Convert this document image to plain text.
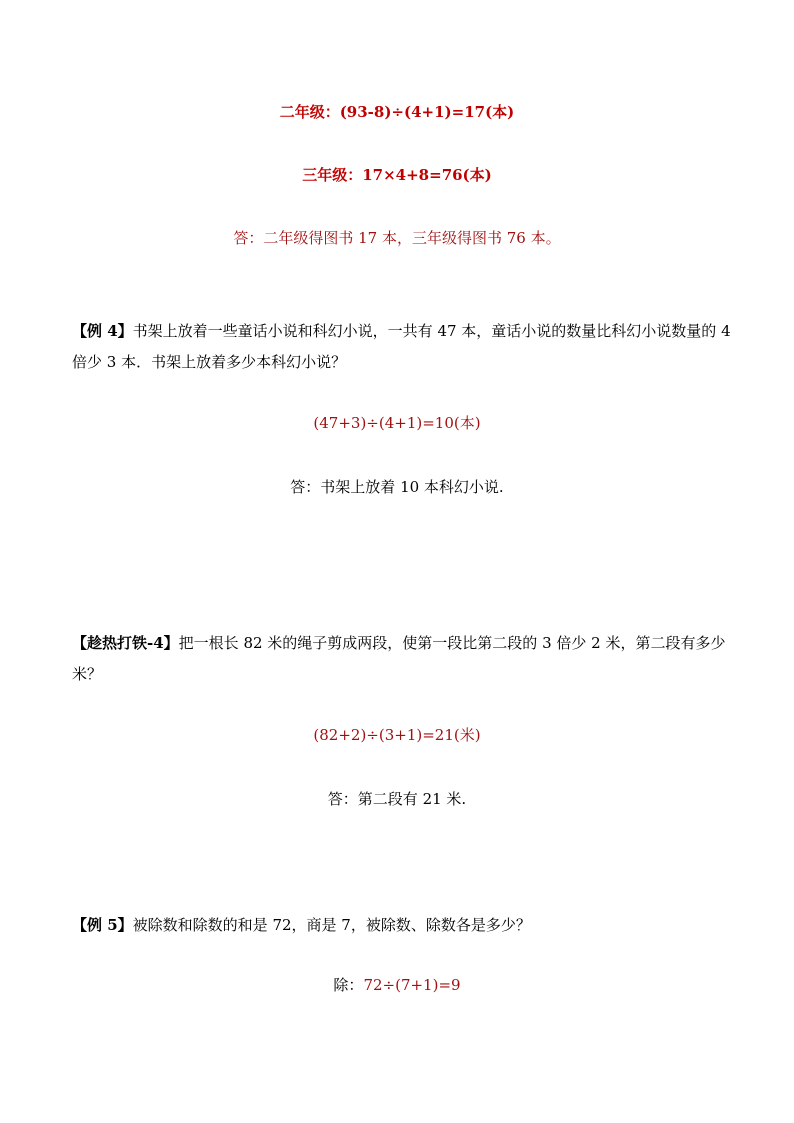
二年级：(93-8)÷(4+1)=17(本)
三年级：17×4+8=76(本)
答：二年级得图书 17 本，三年级得图书 76 本。
【例 4】书架上放着一些童话小说和科幻小说，一共有 47 本，童话小说的数量比科幻小说数量的 4 倍少 3 本．书架上放着多少本科幻小说？
(47+3)÷(4+1)=10(本)
答：书架上放着 10 本科幻小说.
【趁热打铁-4】把一根长 82 米的绳子剪成两段，使第一段比第二段的 3 倍少 2 米，第二段有多少米？
(82+2)÷(3+1)=21(米)
答：第二段有 21 米.
【例 5】被除数和除数的和是 72，商是 7，被除数、除数各是多少？
除：72÷(7+1)=9
